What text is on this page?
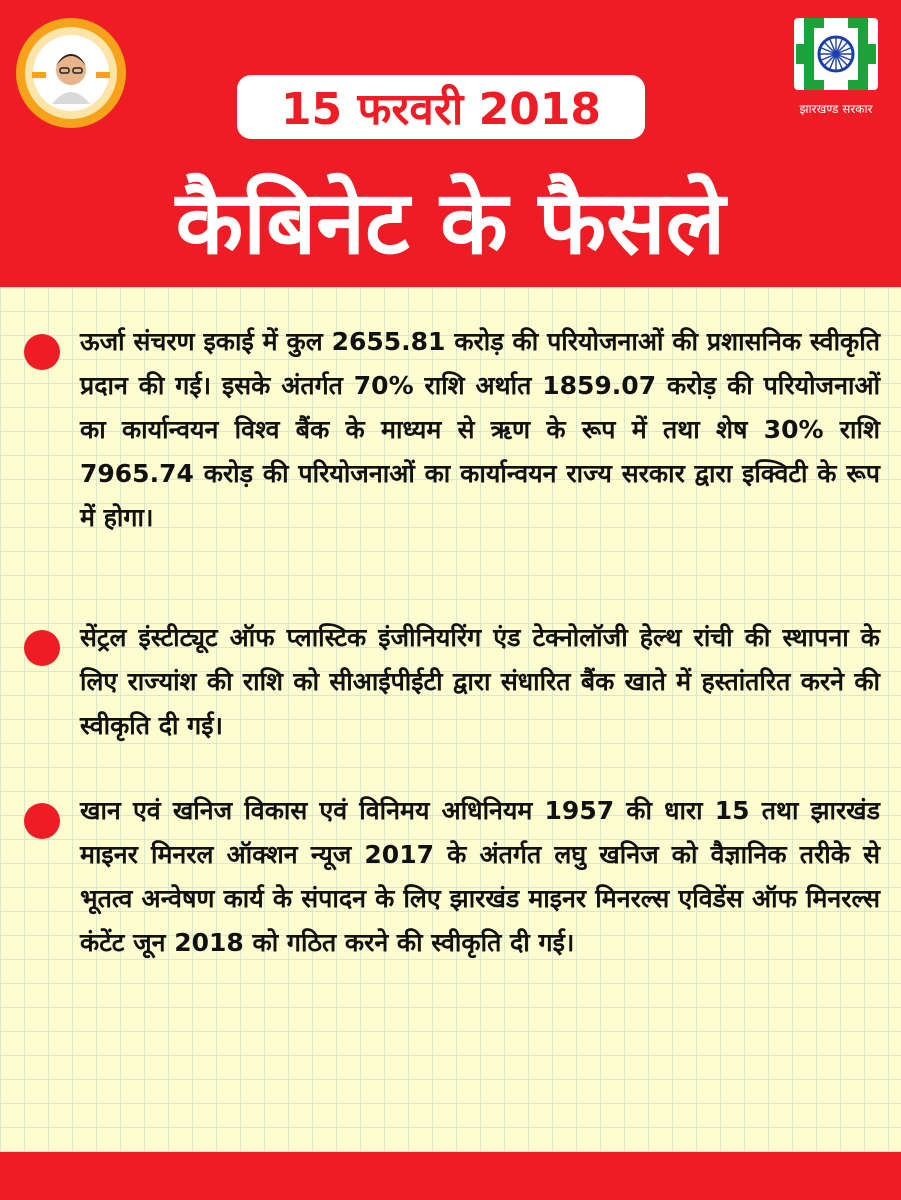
15 फरवरी 2018
कैबिनेट के फैसले
झारखण्ड सरकार
ऊर्जा संचरण इकाई में कुल 2655.81 करोड़ की परियोजनाओं की प्रशासनिक स्वीकृति प्रदान की गई। इसके अंतर्गत 70% राशि अर्थात 1859.07 करोड़ की परियोजनाओं का कार्यान्वयन विश्व बैंक के माध्यम से ऋण के रूप में तथा शेष 30% राशि 7965.74 करोड़ की परियोजनाओं का कार्यान्वयन राज्य सरकार द्वारा इक्विटी के रूप में होगा।
सेंट्रल इंस्टीट्यूट ऑफ प्लास्टिक इंजीनियरिंग एंड टेक्नोलॉजी हेल्थ रांची की स्थापना के लिए राज्यांश की राशि को सीआईपीईटी द्वारा संधारित बैंक खाते में हस्तांतरित करने की स्वीकृति दी गई।
खान एवं खनिज विकास एवं विनिमय अधिनियम 1957 की धारा 15 तथा झारखंड माइनर मिनरल ऑक्शन न्यूज 2017 के अंतर्गत लघु खनिज को वैज्ञानिक तरीके से भूतत्व अन्वेषण कार्य के संपादन के लिए झारखंड माइनर मिनरल्स एविडेंस ऑफ मिनरल्स कंटेंट जून 2018 को गठित करने की स्वीकृति दी गई।
